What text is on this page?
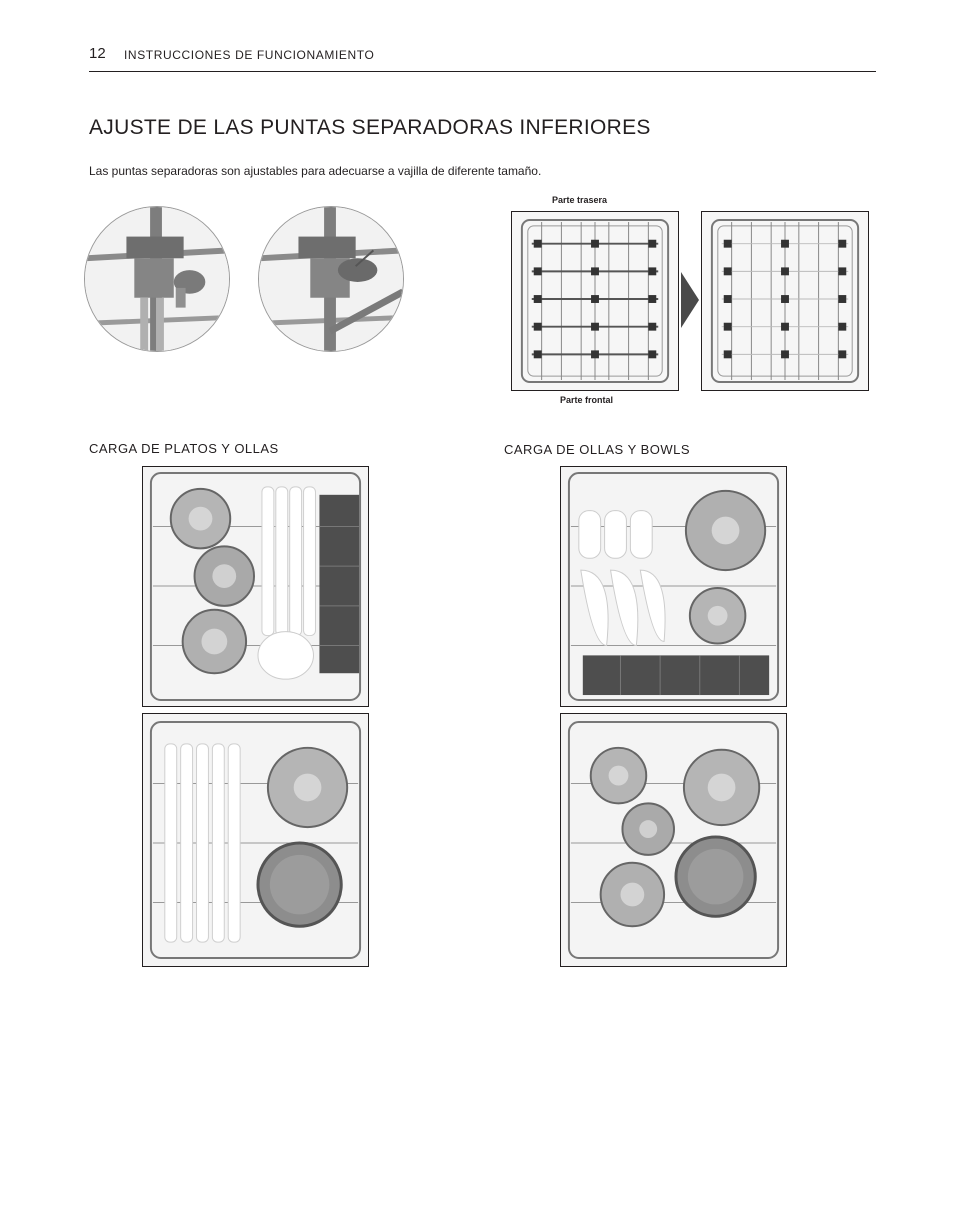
12 INSTRUCCIONES DE FUNCIONAMIENTO
AJUSTE DE LAS PUNTAS SEPARADORAS INFERIORES
Las puntas separadoras son ajustables para adecuarse a vajilla de diferente tamaño.
Parte trasera
Parte frontal
CARGA DE PLATOS Y OLLAS	CARGA DE OLLAS Y BOWLS
